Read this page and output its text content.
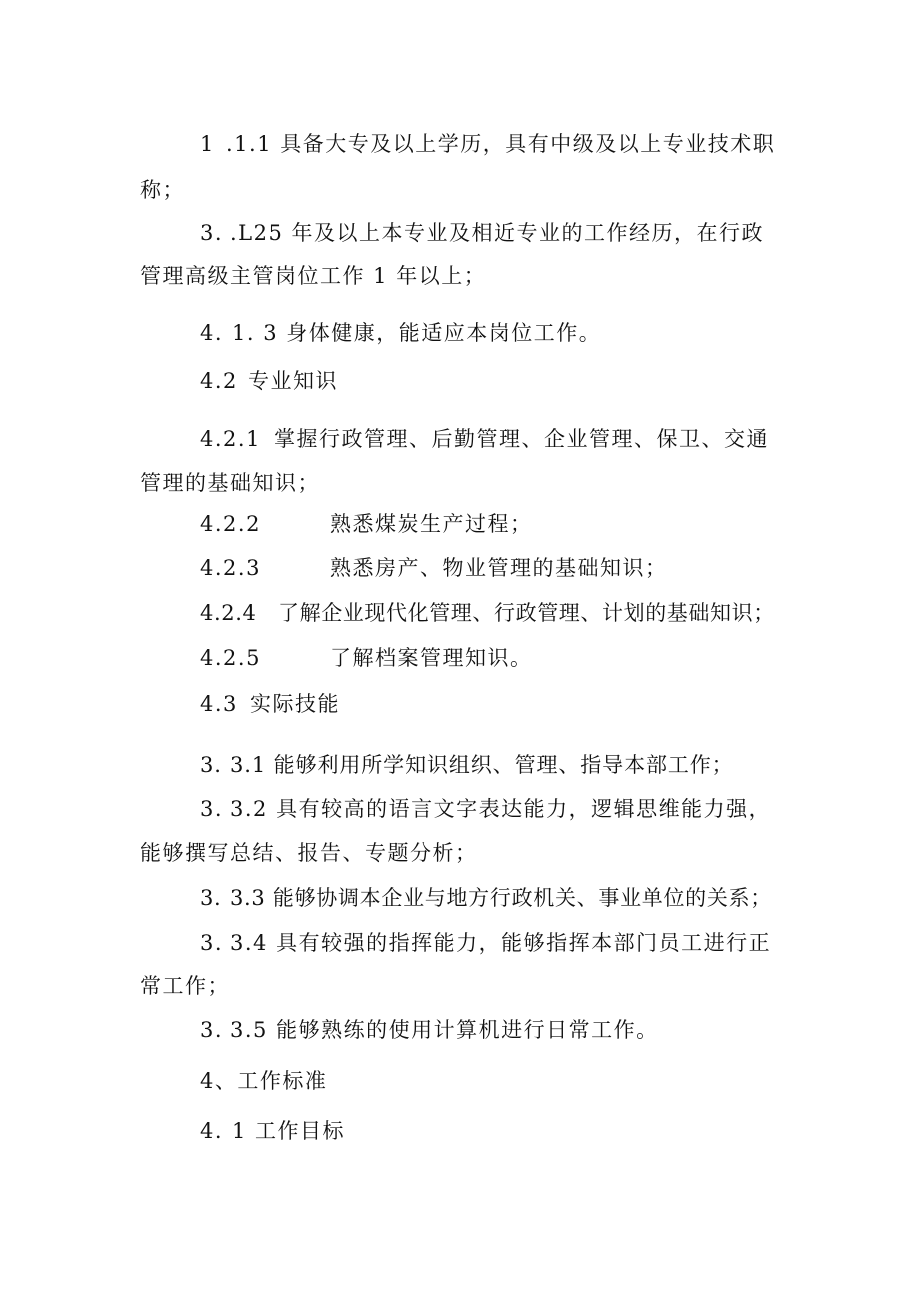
1 .1.1 具备大专及以上学历，具有中级及以上专业技术职
称；
3. .L25 年及以上本专业及相近专业的工作经历，在行政
管理高级主管岗位工作 1 年以上；
4. 1. 3 身体健康，能适应本岗位工作。
4.2 专业知识
4.2.1 掌握行政管理、后勤管理、企业管理、保卫、交通
管理的基础知识；
4.2.2	熟悉煤炭生产过程；
4.2.3	熟悉房产、物业管理的基础知识；
4.2.4 了解企业现代化管理、行政管理、计划的基础知识；
4.2.5	了解档案管理知识。
4.3 实际技能
3. 3.1 能够利用所学知识组织、管理、指导本部工作；
3. 3.2 具有较高的语言文字表达能力，逻辑思维能力强，
能够撰写总结、报告、专题分析；
3. 3.3 能够协调本企业与地方行政机关、事业单位的关系；
3. 3.4 具有较强的指挥能力，能够指挥本部门员工进行正
常工作；
3. 3.5 能够熟练的使用计算机进行日常工作。
4、工作标准
4. 1 工作目标
